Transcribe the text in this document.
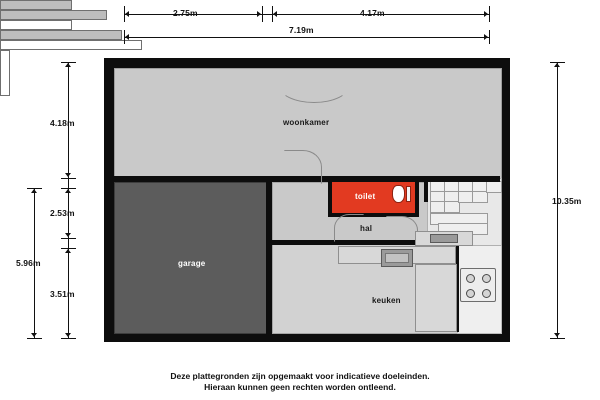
2.75m	4.17m
7.19m
4.18m
2.53m
3.51m
5.96m
10.35m
woonkamer
garage
hal
keuken
toilet
Deze plattegronden zijn opgemaakt voor indicatieve doeleinden.
Hieraan kunnen geen rechten worden ontleend.
